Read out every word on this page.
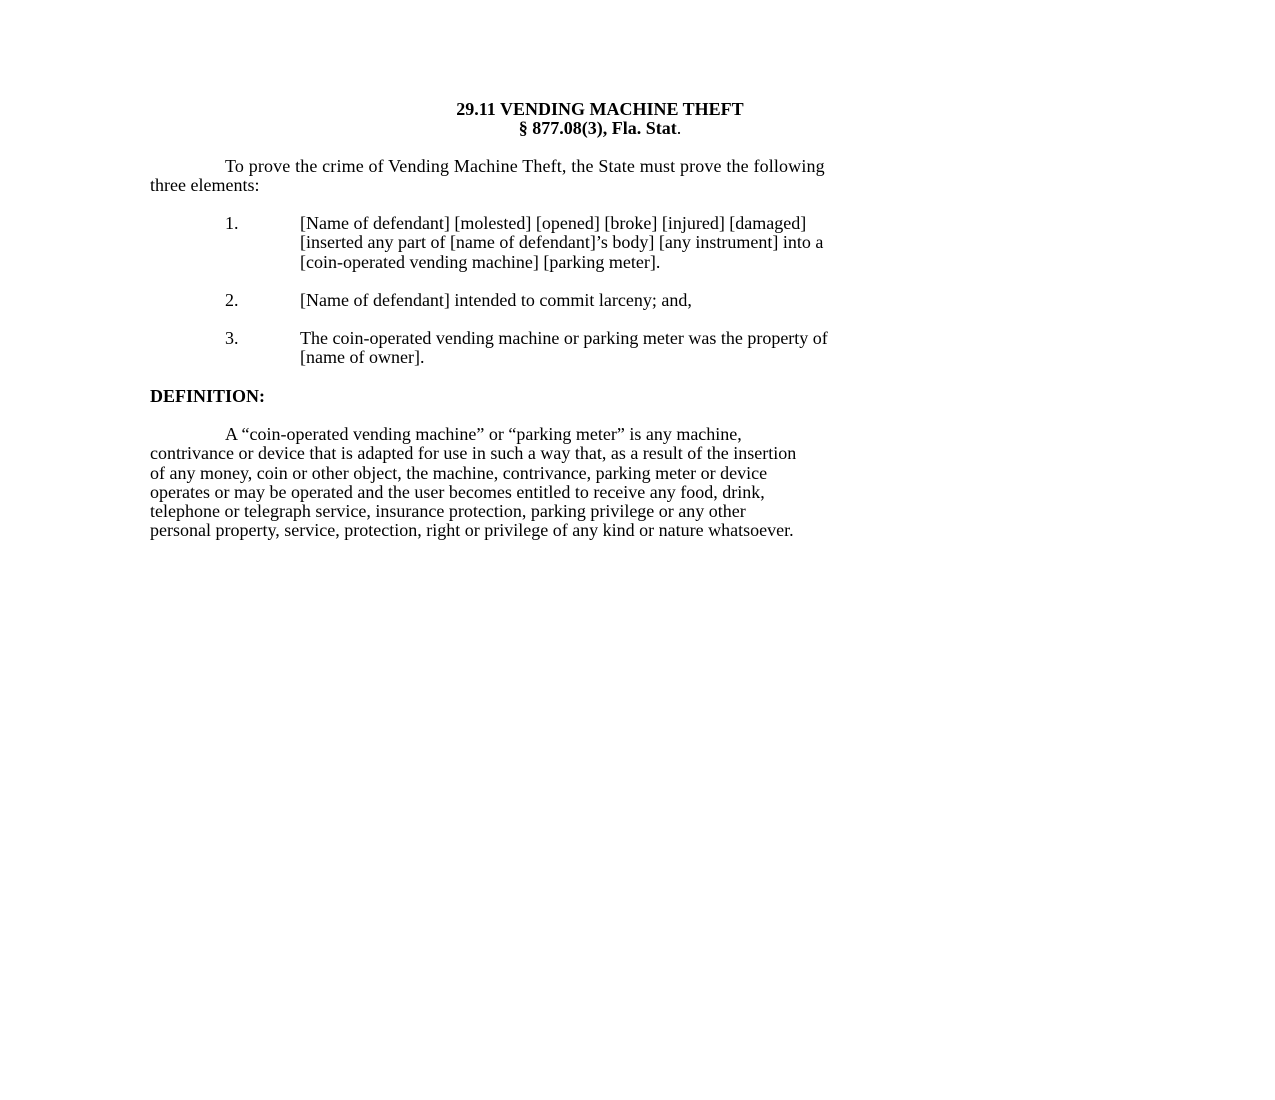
29.11 VENDING MACHINE THEFT
§ 877.08(3), Fla. Stat.
To prove the crime of Vending Machine Theft, the State must prove the following
three elements:
1.	[Name of defendant] [molested] [opened] [broke] [injured] [damaged]
[inserted any part of [name of defendant]’s body] [any instrument] into a
[coin-operated vending machine] [parking meter].
2.	[Name of defendant] intended to commit larceny; and,
3.	The coin-operated vending machine or parking meter was the property of
[name of owner].
DEFINITION:
A “coin-operated vending machine” or “parking meter” is any machine,
contrivance or device that is adapted for use in such a way that, as a result of the insertion
of any money, coin or other object, the machine, contrivance, parking meter or device
operates or may be operated and the user becomes entitled to receive any food, drink,
telephone or telegraph service, insurance protection, parking privilege or any other
personal property, service, protection, right or privilege of any kind or nature whatsoever.
